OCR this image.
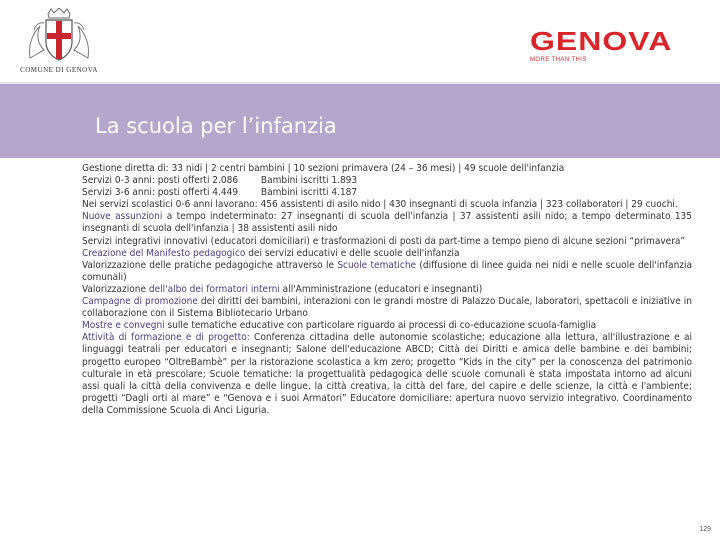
COMUNE DI GENOVA
GENOVA
MORE THAN THIS
La scuola per l’infanzia

Gestione diretta di: 33 nidi | 2 centri bambini | 10 sezioni primavera (24 – 36 mesi) | 49 scuole dell'infanzia

Servizi 0-3 anni: posti offerti 2.086        Bambini iscritti 1.893

Servizi 3-6 anni: posti offerti 4.449        Bambini iscritti 4.187

Nei servizi scolastici 0-6 anni lavorano: 456 assistenti di asilo nido | 430 insegnanti di scuola infanzia | 323 collaboratori | 29 cuochi.

Nuove assunzioni a tempo indeterminato: 27 insegnanti di scuola dell'infanzia | 37 assistenti asili nido; a tempo determinato 135 insegnanti di scuola dell'infanzia | 38 assistenti asili nido

Servizi integrativi innovativi (educatori domiciliari) e trasformazioni di posti da part-time a tempo pieno di alcune sezioni “primavera”

Creazione del Manifesto pedagogico dei servizi educativi e delle scuole dell'infanzia

Valorizzazione delle pratiche pedagogiche attraverso le Scuole tematiche (diffusione di linee guida nei nidi e nelle scuole dell'infanzia comunali)

Valorizzazione dell'albo dei formatori interni all'Amministrazione (educatori e insegnanti)

Campagne di promozione dei diritti dei bambini, interazioni con le grandi mostre di Palazzo Ducale, laboratori, spettacoli e iniziative in collaborazione con il Sistema Bibliotecario Urbano

Mostre e convegni sulle tematiche educative con particolare riguardo ai processi di co-educazione scuola-famiglia

Attività di formazione e di progetto: Conferenza cittadina delle autonomie scolastiche; educazione alla lettura, all'illustrazione e ai linguaggi teatrali per educatori e insegnanti; Salone dell'educazione ABCD; Città dei Diritti e amica delle bambine e dei bambini; progetto europeo “OltreBambè” per la ristorazione scolastica a km zero; progetto “Kids in the city” per la conoscenza del patrimonio culturale in età prescolare; Scuole tematiche: la progettualità pedagogica delle scuole comunali è stata impostata intorno ad alcuni assi quali la città della convivenza e delle lingue, la città creativa, la città del fare, del capire e delle scienze, la città e l'ambiente; progetti “Dagli orti al mare” e “Genova e i suoi Armatori” Educatore domiciliare: apertura nuovo servizio integrativo. Coordinamento della Commissione Scuola di Anci Liguria.

129
